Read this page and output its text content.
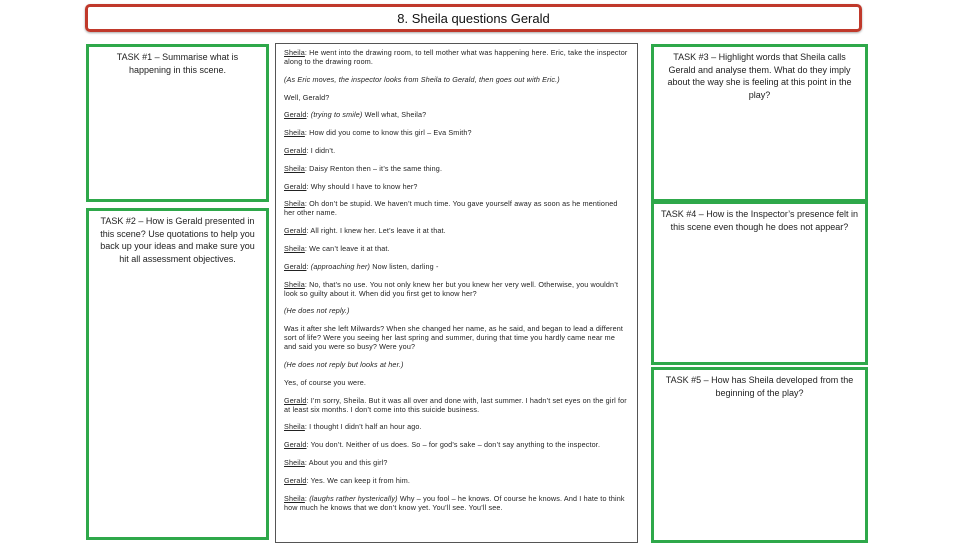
8. Sheila questions Gerald
TASK #1 – Summarise what is happening in this scene.
TASK #2 – How is Gerald presented in this scene? Use quotations to help you back up your ideas and make sure you hit all assessment objectives.
TASK #3 – Highlight words that Sheila calls Gerald and analyse them. What do they imply about the way she is feeling at this point in the play?
TASK #4 – How is the Inspector’s presence felt in this scene even though he does not appear?
TASK #5 – How has Sheila developed from the beginning of the play?

Sheila: He went into the drawing room, to tell mother what was happening here. Eric, take the inspector along to the drawing room.

(As Eric moves, the inspector looks from Sheila to Gerald, then goes out with Eric.)

Well, Gerald?

Gerald: (trying to smile) Well what, Sheila?

Sheila: How did you come to know this girl – Eva Smith?

Gerald: I didn’t.

Sheila: Daisy Renton then – it’s the same thing.

Gerald: Why should I have to know her?

Sheila: Oh don’t be stupid. We haven’t much time. You gave yourself away as soon as he mentioned her other name.

Gerald: All right. I knew her. Let’s leave it at that.

Sheila: We can’t leave it at that.

Gerald: (approaching her) Now listen, darling -

Sheila: No, that’s no use. You not only knew her but you knew her very well. Otherwise, you wouldn’t look so guilty about it. When did you first get to know her?

(He does not reply.)

Was it after she left Milwards? When she changed her name, as he said, and began to lead a different sort of life? Were you seeing her last spring and summer, during that time you hardly came near me and said you were so busy? Were you?

(He does not reply but looks at her.)

Yes, of course you were.

Gerald: I’m sorry, Sheila. But it was all over and done with, last summer. I hadn’t set eyes on the girl for at least six months. I don’t come into this suicide business.

Sheila: I thought I didn’t half an hour ago.

Gerald: You don’t. Neither of us does. So – for god’s sake – don’t say anything to the inspector.

Sheila: About you and this girl?

Gerald: Yes. We can keep it from him.

Sheila: (laughs rather hysterically) Why – you fool – he knows. Of course he knows. And I hate to think how much he knows that we don’t know yet. You’ll see. You’ll see.
